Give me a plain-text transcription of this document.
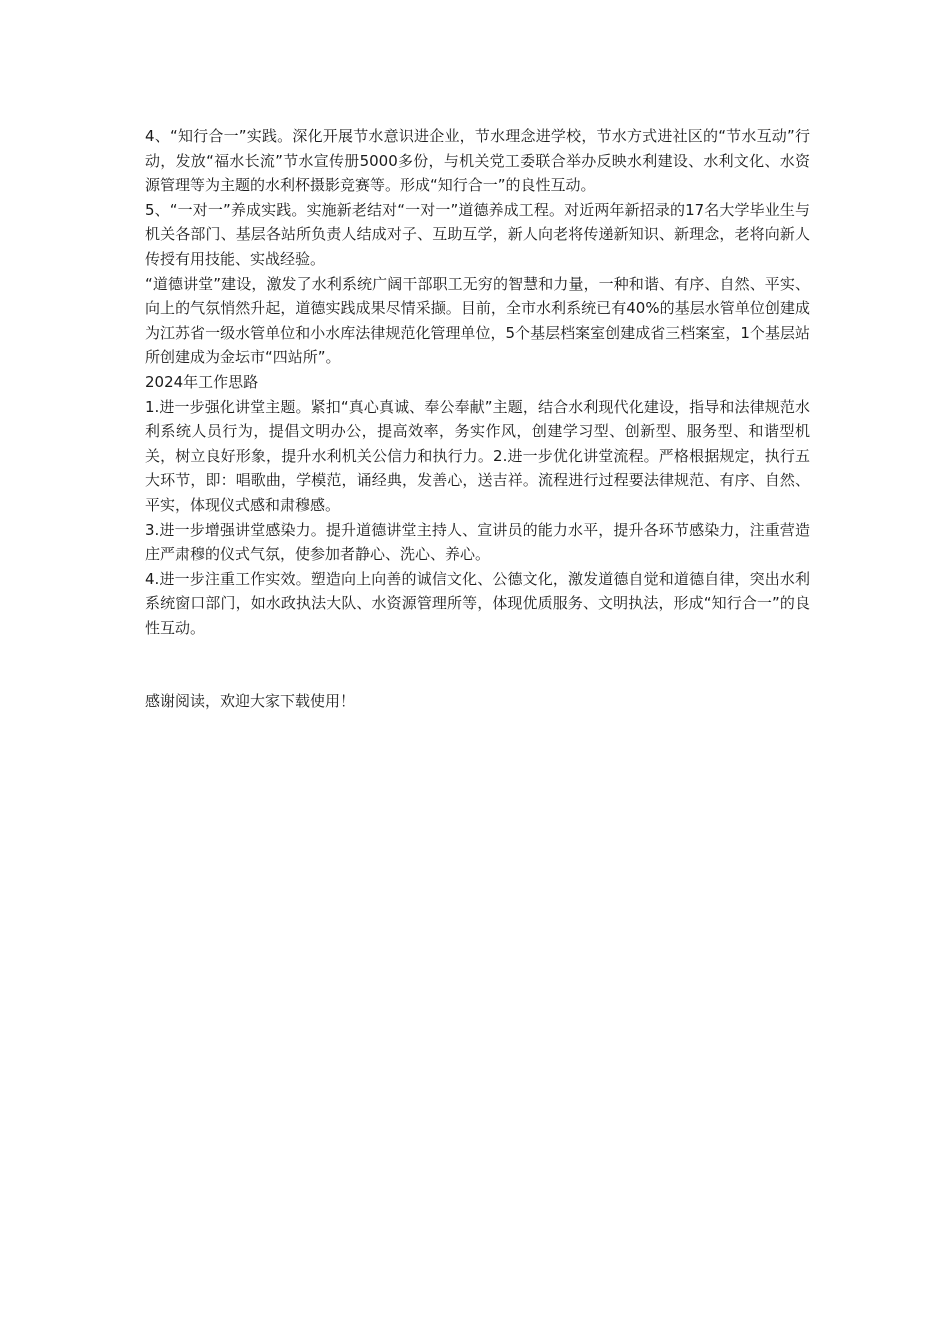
4、“知行合一”实践。深化开展节水意识进企业，节水理念进学校，节水方式进社区的“节水互动”行动，发放“福水长流”节水宣传册5000多份，与机关党工委联合举办反映水利建设、水利文化、水资源管理等为主题的水利杯摄影竞赛等。形成“知行合一”的良性互动。

5、“一对一”养成实践。实施新老结对“一对一”道德养成工程。对近两年新招录的17名大学毕业生与机关各部门、基层各站所负责人结成对子、互助互学，新人向老将传递新知识、新理念，老将向新人传授有用技能、实战经验。

“道德讲堂”建设，激发了水利系统广阔干部职工无穷的智慧和力量，一种和谐、有序、自然、平实、向上的气氛悄然升起，道德实践成果尽情采撷。目前，全市水利系统已有40%的基层水管单位创建成为江苏省一级水管单位和小水库法律规范化管理单位，5个基层档案室创建成省三档案室，1个基层站所创建成为金坛市“四站所”。

2024年工作思路

1.进一步强化讲堂主题。紧扣“真心真诚、奉公奉献”主题，结合水利现代化建设，指导和法律规范水利系统人员行为，提倡文明办公，提高效率，务实作风，创建学习型、创新型、服务型、和谐型机关，树立良好形象，提升水利机关公信力和执行力。2.进一步优化讲堂流程。严格根据规定，执行五大环节，即：唱歌曲，学模范，诵经典，发善心，送吉祥。流程进行过程要法律规范、有序、自然、平实，体现仪式感和肃穆感。

3.进一步增强讲堂感染力。提升道德讲堂主持人、宣讲员的能力水平，提升各环节感染力，注重营造庄严肃穆的仪式气氛，使参加者静心、洗心、养心。

4.进一步注重工作实效。塑造向上向善的诚信文化、公德文化，激发道德自觉和道德自律，突出水利系统窗口部门，如水政执法大队、水资源管理所等，体现优质服务、文明执法，形成“知行合一”的良性互动。

感谢阅读，欢迎大家下载使用！
